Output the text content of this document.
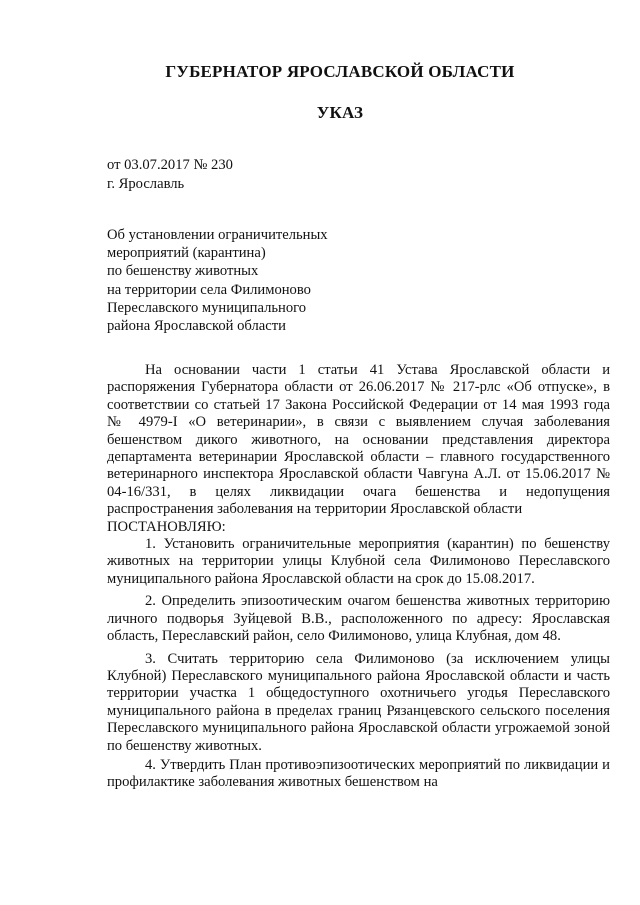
ГУБЕРНАТОР ЯРОСЛАВСКОЙ ОБЛАСТИ
УКАЗ
от 03.07.2017 № 230
г. Ярославль
Об установлении ограничительных
мероприятий (карантина)
по бешенству животных
на территории села Филимоново
Переславского муниципального
района Ярославской области

На основании части 1 статьи 41 Устава Ярославской области и распоряжения Губернатора области от 26.06.2017 № 217-рлс «Об отпуске», в соответствии со статьей 17 Закона Российской Федерации от 14 мая 1993 года № 4979-I «О ветеринарии», в связи с выявлением случая заболевания бешенством дикого животного, на основании представления директора департамента ветеринарии Ярославской области – главного государственного ветеринарного инспектора Ярославской области Чавгуна А.Л. от 15.06.2017 № 04-16/331, в целях ликвидации очага бешенства и недопущения распространения заболевания на территории Ярославской области

ПОСТАНОВЛЯЮ:

1. Установить ограничительные мероприятия (карантин) по бешенству животных на территории улицы Клубной села Филимоново Переславского муниципального района Ярославской области на срок до 15.08.2017.

2. Определить эпизоотическим очагом бешенства животных территорию личного подворья Зуйцевой В.В., расположенного по адресу: Ярославская область, Переславский район, село Филимоново, улица Клубная, дом 48.

3. Считать территорию села Филимоново (за исключением улицы Клубной) Переславского муниципального района Ярославской области и часть территории участка 1 общедоступного охотничьего угодья Переславского муниципального района в пределах границ Рязанцевского сельского поселения Переславского муниципального района Ярославской области угрожаемой зоной по бешенству животных.

4. Утвердить План противоэпизоотических мероприятий по ликвидации и профилактике заболевания животных бешенством на
